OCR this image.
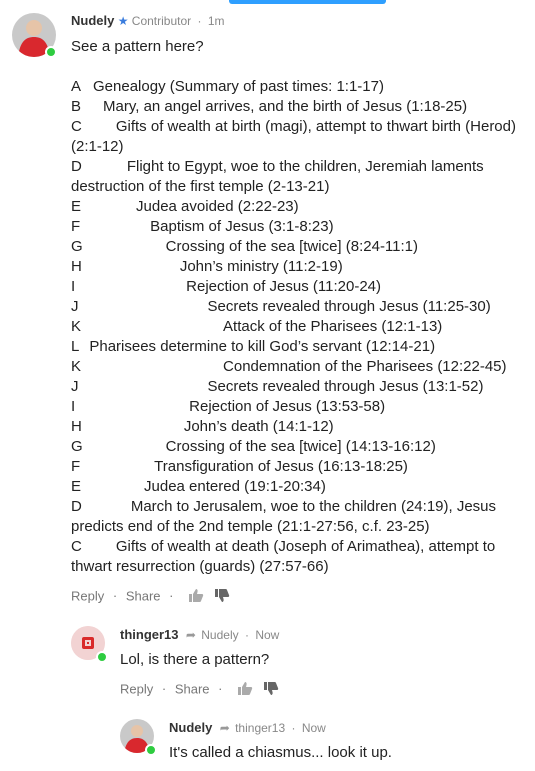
Nudely ★ Contributor · 1m
See a pattern here?
A Genealogy (Summary of past times: 1:1-17)
B Mary, an angel arrives, and the birth of Jesus (1:18-25)
C Gifts of wealth at birth (magi), attempt to thwart birth (Herod) (2:1-12)
D	Flight to Egypt, woe to the children, Jeremiah laments destruction of the first temple (2-13-21)
E	Judea avoided (2:22-23)
F	Baptism of Jesus (3:1-8:23)
G	Crossing of the sea [twice] (8:24-11:1)
H	John’s ministry (11:2-19)
I	Rejection of Jesus (11:20-24)
J	Secrets revealed through Jesus (11:25-30)
K	Attack of the Pharisees (12:1-13)
L Pharisees determine to kill God’s servant (12:14-21)
K	Condemnation of the Pharisees (12:22-45)
J	Secrets revealed through Jesus (13:1-52)
I	Rejection of Jesus (13:53-58)
H	John’s death (14:1-12)
G	Crossing of the sea [twice] (14:13-16:12)
F	Transfiguration of Jesus (16:13-18:25)
E	Judea entered (19:1-20:34)
D	March to Jerusalem, woe to the children (24:19), Jesus predicts end of the 2nd temple (21:1-27:56, c.f. 23-25)
C Gifts of wealth at death (Joseph of Arimathea), attempt to thwart resurrection (guards) (27:57-66)
Reply · Share ·
thinger13 ➦ Nudely · Now
Lol, is there a pattern?
Reply · Share ·
Nudely ➦ thinger13 · Now
It's called a chiasmus... look it up.
